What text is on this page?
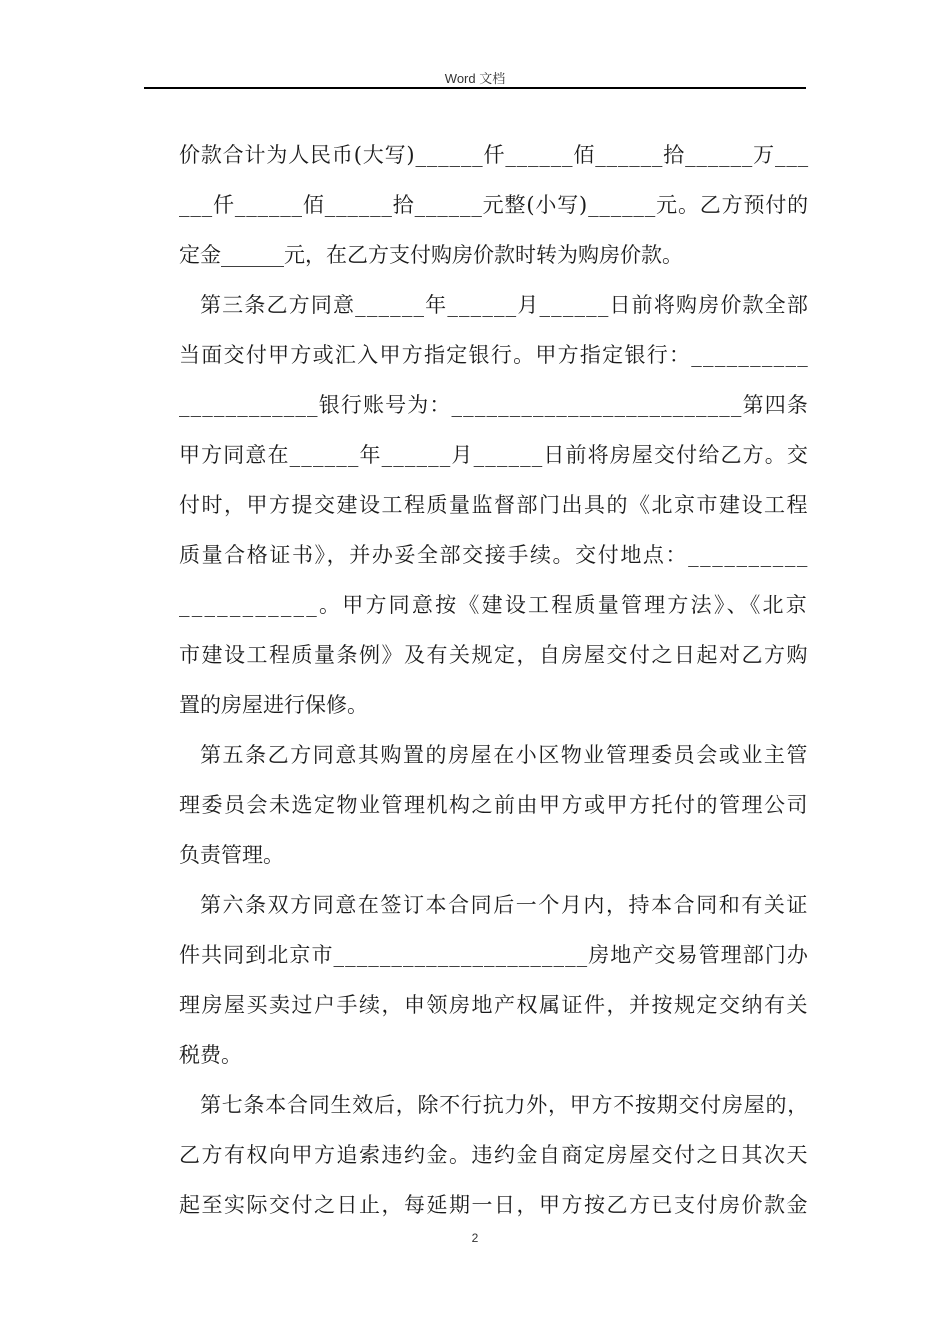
Word 文档
价款合计为人民币(大写)______仟______佰______拾______万___
___仟______佰______拾______元整(小写)______元。乙方预付的
定金______元，在乙方支付购房价款时转为购房价款。
第三条乙方同意______年______月______日前将购房价款全部
当面交付甲方或汇入甲方指定银行。甲方指定银行：__________
____________银行账号为：_________________________第四条
甲方同意在______年______月______日前将房屋交付给乙方。交
付时，甲方提交建设工程质量监督部门出具的《北京市建设工程
质量合格证书》，并办妥全部交接手续。交付地点：__________
___________。甲方同意按《建设工程质量管理方法》、《北京
市建设工程质量条例》及有关规定，自房屋交付之日起对乙方购
置的房屋进行保修。
第五条乙方同意其购置的房屋在小区物业管理委员会或业主管
理委员会未选定物业管理机构之前由甲方或甲方托付的管理公司
负责管理。
第六条双方同意在签订本合同后一个月内，持本合同和有关证
件共同到北京市______________________房地产交易管理部门办
理房屋买卖过户手续，申领房地产权属证件，并按规定交纳有关
税费。
第七条本合同生效后，除不行抗力外，甲方不按期交付房屋的，
乙方有权向甲方追索违约金。违约金自商定房屋交付之日其次天
起至实际交付之日止，每延期一日，甲方按乙方已支付房价款金
2
